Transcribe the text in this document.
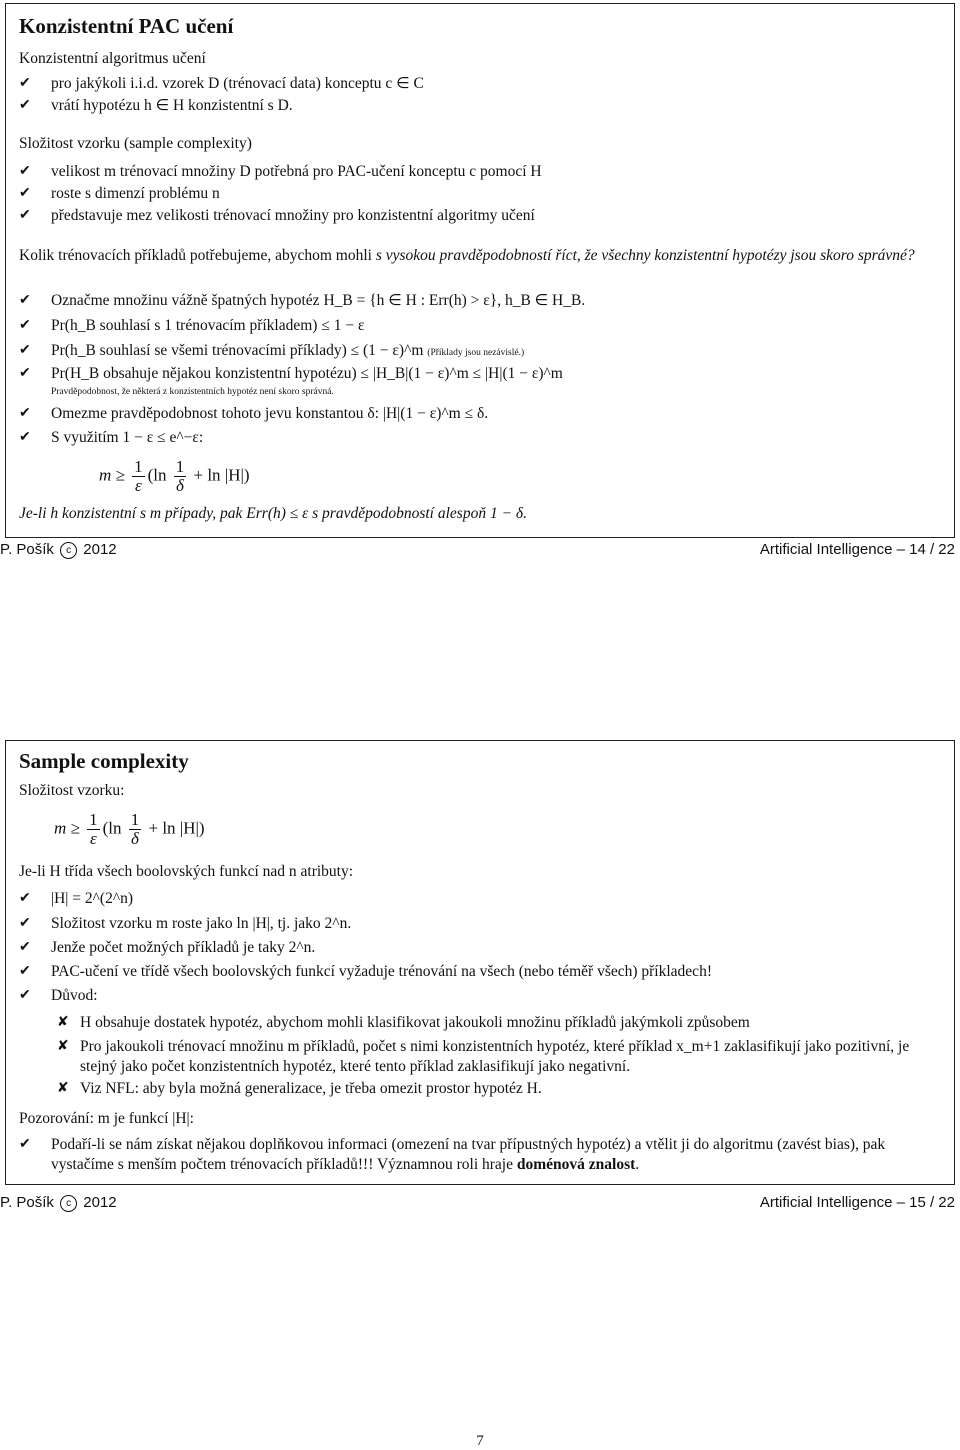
Konzistentní PAC učení
Konzistentní algoritmus učení
✔ pro jakýkoli i.i.d. vzorek D (trénovací data) konceptu c ∈ C
✔ vrátí hypotézu h ∈ H konzistentní s D.
Složitost vzorku (sample complexity)
✔ velikost m trénovací množiny D potřebná pro PAC-učení konceptu c pomocí H
✔ roste s dimenzí problému n
✔ představuje mez velikosti trénovací množiny pro konzistentní algoritmy učení
Kolik trénovacích příkladů potřebujeme, abychom mohli s vysokou pravděpodobností říct, že všechny konzistentní hypotézy jsou skoro správné?
✔ Označme množinu vážně špatných hypotéz H_B = {h ∈ H : Err(h) > ε}, h_B ∈ H_B.
✔ Pr(h_B souhlasí s 1 trénovacím příkladem) ≤ 1 − ε
✔ Pr(h_B souhlasí se všemi trénovacími příklady) ≤ (1 − ε)^m (Příklady jsou nezávislé.)
✔ Pr(H_B obsahuje nějakou konzistentní hypotézu) ≤ |H_B|(1 − ε)^m ≤ |H|(1 − ε)^m
Pravděpodobnost, že některá z konzistentních hypotéz není skoro správná.
✔ Omezme pravděpodobnost tohoto jevu konstantou δ: |H|(1 − ε)^m ≤ δ.
✔ S využitím 1 − ε ≤ e^−ε:
$m \ge \frac{1}{\varepsilon} (\ln \frac{1}{\delta} + \ln |H|)$
Je-li h konzistentní s m případy, pak Err(h) ≤ ε s pravděpodobností alespoň 1 − δ.
P. Pošík c 2012	Artificial Intelligence – 14 / 22
Sample complexity
Složitost vzorku:
$m \ge \frac{1}{\varepsilon} (\ln \frac{1}{\delta} + \ln |H|)$
Je-li H třída všech boolovských funkcí nad n atributy:
✔ |H| = 2^(2^n)
✔ Složitost vzorku m roste jako ln |H|, tj. jako 2^n.
✔ Jenže počet možných příkladů je taky 2^n.
✔ PAC-učení ve třídě všech boolovských funkcí vyžaduje trénování na všech (nebo téměř všech) příkladech!
✔ Důvod:
✘ H obsahuje dostatek hypotéz, abychom mohli klasifikovat jakoukoli množinu příkladů jakýmkoli způsobem
✘ Pro jakoukoli trénovací množinu m příkladů, počet s nimi konzistentních hypotéz, které příklad x_m+1 zaklasifikují jako pozitivní, je stejný jako počet konzistentních hypotéz, které tento příklad zaklasifikují jako negativní.
✘ Viz NFL: aby byla možná generalizace, je třeba omezit prostor hypotéz H.
Pozorování: m je funkcí |H|:
✔ Podaří-li se nám získat nějakou doplňkovou informaci (omezení na tvar přípustných hypotéz) a vtělit ji do algoritmu (zavést bias), pak vystačíme s menším počtem trénovacích příkladů!!! Významnou roli hraje doménová znalost.
P. Pošík c 2012	Artificial Intelligence – 15 / 22
7
